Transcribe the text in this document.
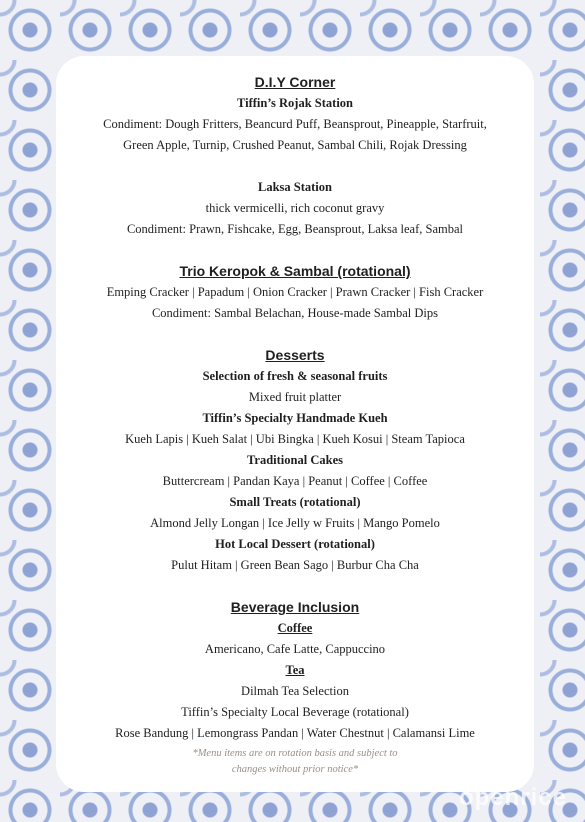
D.I.Y Corner
Tiffin’s Rojak Station
Condiment: Dough Fritters, Beancurd Puff, Beansprout, Pineapple, Starfruit,
Green Apple, Turnip, Crushed Peanut, Sambal Chili, Rojak Dressing
Laksa Station
thick vermicelli, rich coconut gravy
Condiment: Prawn, Fishcake, Egg, Beansprout, Laksa leaf, Sambal
Trio Keropok & Sambal (rotational)
Emping Cracker | Papadum | Onion Cracker | Prawn Cracker | Fish Cracker
Condiment: Sambal Belachan, House-made Sambal Dips
Desserts
Selection of fresh & seasonal fruits
Mixed fruit platter
Tiffin’s Specialty Handmade Kueh
Kueh Lapis | Kueh Salat | Ubi Bingka | Kueh Kosui | Steam Tapioca
Traditional Cakes
Buttercream | Pandan Kaya | Peanut | Coffee | Coffee
Small Treats (rotational)
Almond Jelly Longan | Ice Jelly w Fruits | Mango Pomelo
Hot Local Dessert (rotational)
Pulut Hitam | Green Bean Sago | Burbur Cha Cha
Beverage Inclusion
Coffee
Americano, Cafe Latte, Cappuccino
Tea
Dilmah Tea Selection
Tiffin’s Specialty Local Beverage (rotational)
Rose Bandung | Lemongrass Pandan | Water Chestnut | Calamansi Lime
*Menu items are on rotation basis and subject to
changes without prior notice*
openrice
